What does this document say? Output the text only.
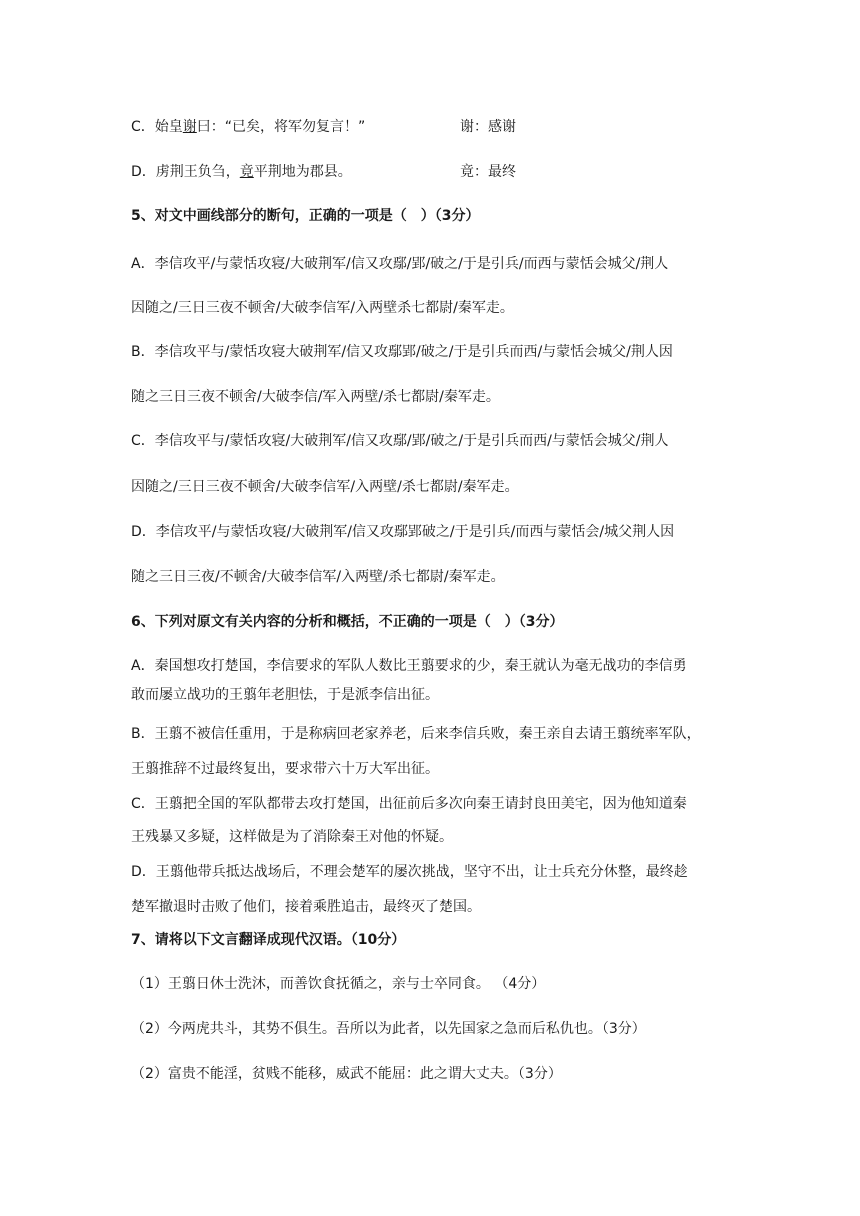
C．始皇谢曰：“已矣，将军勿复言！”	谢：感谢
D．虏荆王负刍，竟平荆地为郡县。	竟：最终
5、对文中画线部分的断句，正确的一项是（　）（3分）
A．李信攻平/与蒙恬攻寝/大破荆军/信又攻鄢/郢/破之/于是引兵/而西与蒙恬会城父/荆人
因随之/三日三夜不顿舍/大破李信军/入两壁杀七都尉/秦军走。
B．李信攻平与/蒙恬攻寝大破荆军/信又攻鄢郢/破之/于是引兵而西/与蒙恬会城父/荆人因
随之三日三夜不顿舍/大破李信/军入两壁/杀七都尉/秦军走。
C．李信攻平与/蒙恬攻寝/大破荆军/信又攻鄢/郢/破之/于是引兵而西/与蒙恬会城父/荆人
因随之/三日三夜不顿舍/大破李信军/入两壁/杀七都尉/秦军走。
D．李信攻平/与蒙恬攻寝/大破荆军/信又攻鄢郢破之/于是引兵/而西与蒙恬会/城父荆人因
随之三日三夜/不顿舍/大破李信军/入两壁/杀七都尉/秦军走。
6、下列对原文有关内容的分析和概括，不正确的一项是（　）（3分）
A．秦国想攻打楚国，李信要求的军队人数比王翦要求的少，秦王就认为毫无战功的李信勇
敢而屡立战功的王翦年老胆怯，于是派李信出征。
B．王翦不被信任重用，于是称病回老家养老，后来李信兵败，秦王亲自去请王翦统率军队，
王翦推辞不过最终复出，要求带六十万大军出征。
C．王翦把全国的军队都带去攻打楚国，出征前后多次向秦王请封良田美宅，因为他知道秦
王残暴又多疑，这样做是为了消除秦王对他的怀疑。
D．王翦他带兵抵达战场后，不理会楚军的屡次挑战，坚守不出，让士兵充分休整，最终趁
楚军撤退时击败了他们，接着乘胜追击，最终灭了楚国。
7、请将以下文言翻译成现代汉语。（10分）
（1）王翦日休士洗沐，而善饮食抚循之，亲与士卒同食。 （4分）
（2）今两虎共斗，其势不俱生。吾所以为此者，以先国家之急而后私仇也。（3分）
（2）富贵不能淫，贫贱不能移，威武不能屈：此之谓大丈夫。（3分）
